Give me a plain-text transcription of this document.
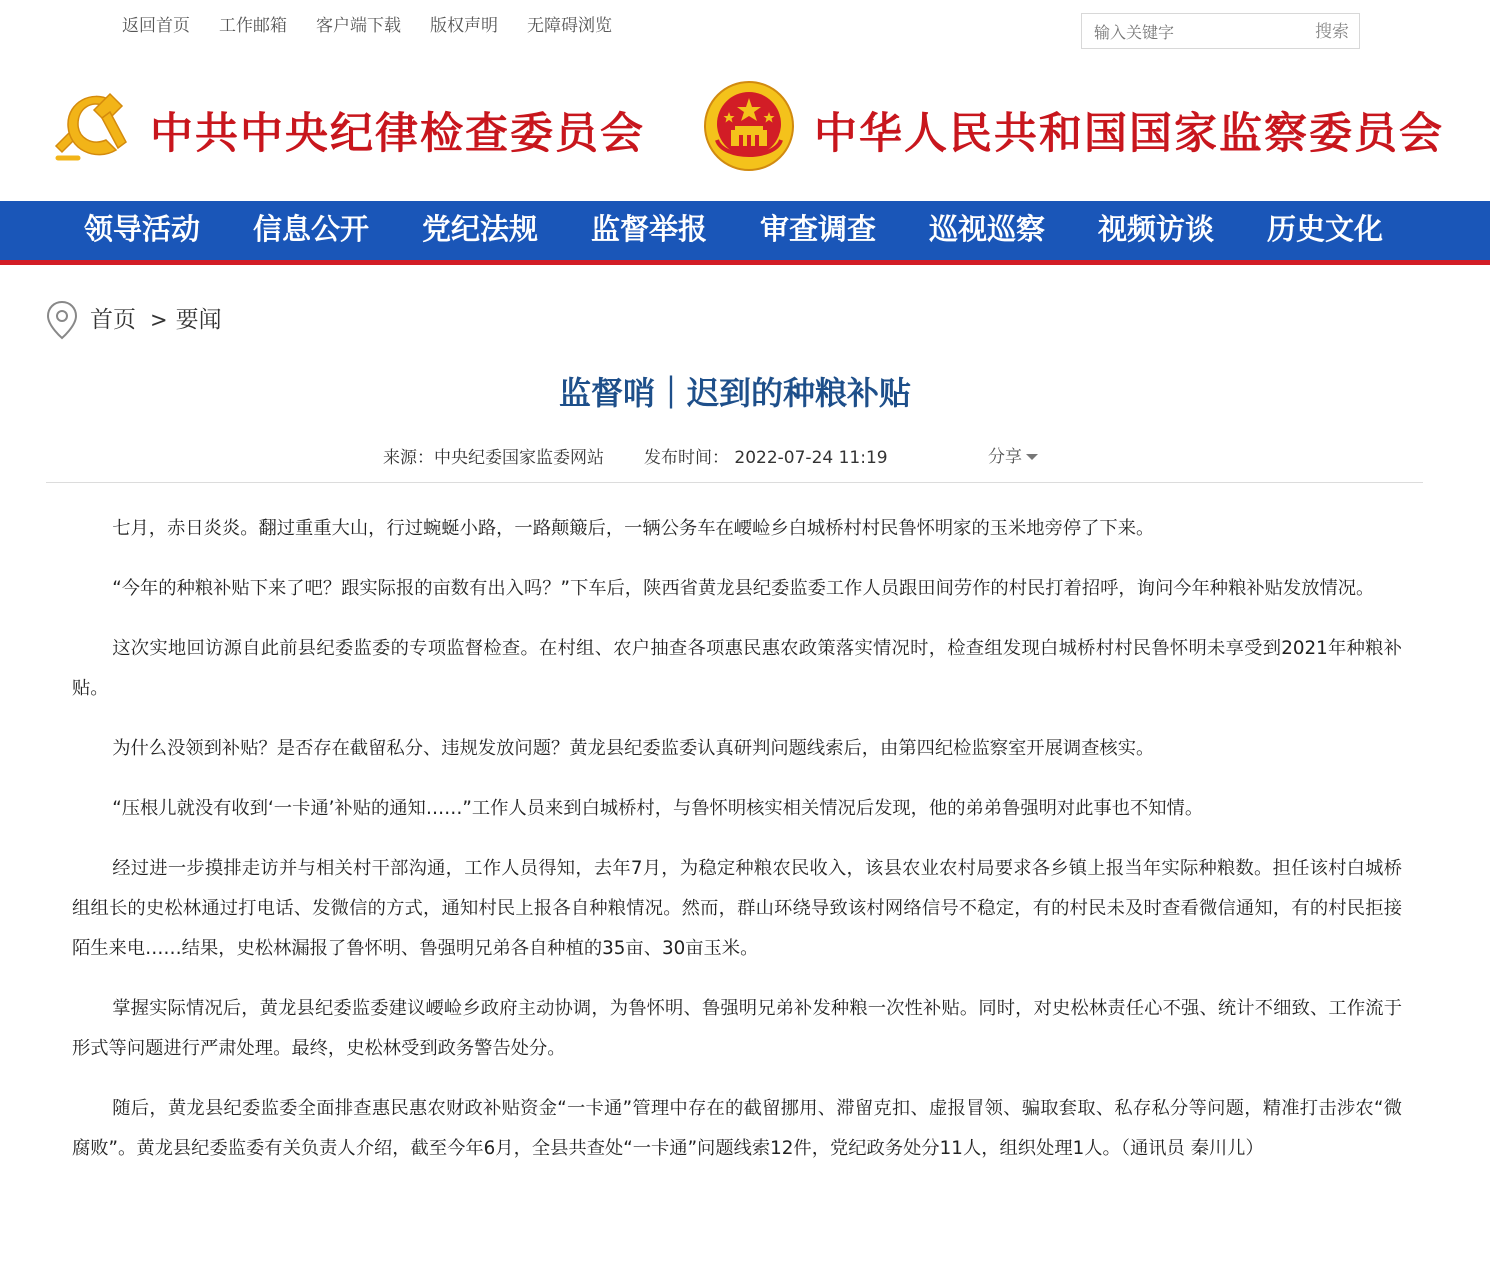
返回首页 工作邮箱 客户端下载 版权声明 无障碍浏览
输入关键字	搜索
中共中央纪律检查委员会	中华人民共和国国家监察委员会
领导活动	信息公开	党纪法规	监督举报	审查调查	巡视巡察	视频访谈	历史文化
首页 > 要闻
监督哨｜迟到的种粮补贴
来源：中央纪委国家监委网站 发布时间： 2022-07-24 11:19	分享

七月，赤日炎炎。翻过重重大山，行过蜿蜒小路，一路颠簸后，一辆公务车在崾崄乡白城桥村村民鲁怀明家的玉米地旁停了下来。

“今年的种粮补贴下来了吧？跟实际报的亩数有出入吗？”下车后，陕西省黄龙县纪委监委工作人员跟田间劳作的村民打着招呼，询问今年种粮补贴发放情况。

这次实地回访源自此前县纪委监委的专项监督检查。在村组、农户抽查各项惠民惠农政策落实情况时，检查组发现白城桥村村民鲁怀明未享受到2021年种粮补贴。

为什么没领到补贴？是否存在截留私分、违规发放问题？黄龙县纪委监委认真研判问题线索后，由第四纪检监察室开展调查核实。

“压根儿就没有收到‘一卡通’补贴的通知……”工作人员来到白城桥村，与鲁怀明核实相关情况后发现，他的弟弟鲁强明对此事也不知情。

经过进一步摸排走访并与相关村干部沟通，工作人员得知，去年7月，为稳定种粮农民收入，该县农业农村局要求各乡镇上报当年实际种粮数。担任该村白城桥组组长的史松林通过打电话、发微信的方式，通知村民上报各自种粮情况。然而，群山环绕导致该村网络信号不稳定，有的村民未及时查看微信通知，有的村民拒接陌生来电……结果，史松林漏报了鲁怀明、鲁强明兄弟各自种植的35亩、30亩玉米。

掌握实际情况后，黄龙县纪委监委建议崾崄乡政府主动协调，为鲁怀明、鲁强明兄弟补发种粮一次性补贴。同时，对史松林责任心不强、统计不细致、工作流于形式等问题进行严肃处理。最终，史松林受到政务警告处分。

随后，黄龙县纪委监委全面排查惠民惠农财政补贴资金“一卡通”管理中存在的截留挪用、滞留克扣、虚报冒领、骗取套取、私存私分等问题，精准打击涉农“微腐败”。黄龙县纪委监委有关负责人介绍，截至今年6月，全县共查处“一卡通”问题线索12件，党纪政务处分11人，组织处理1人。（通讯员 秦川儿）
